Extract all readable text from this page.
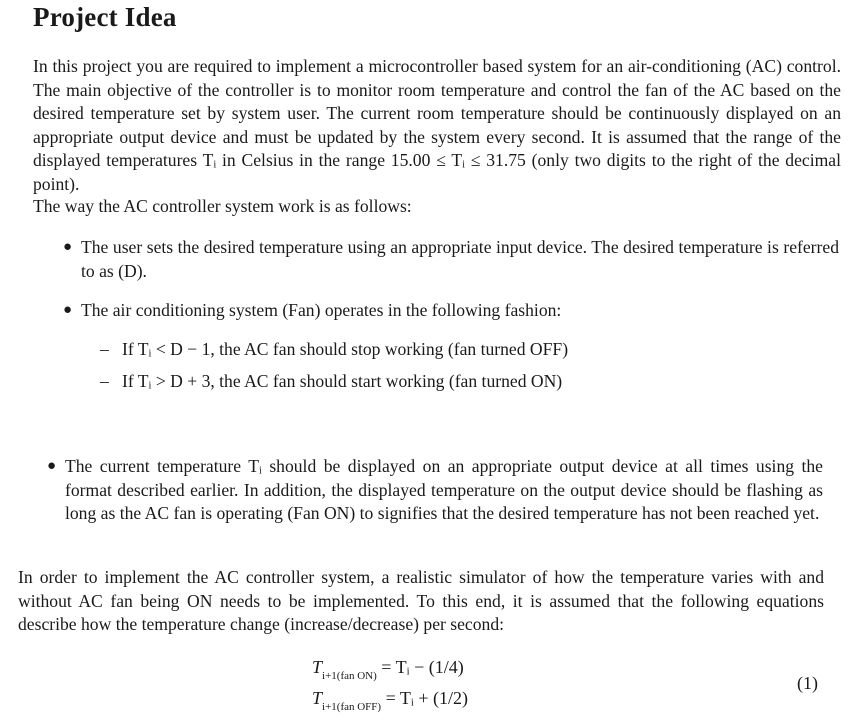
Project Idea
In this project you are required to implement a microcontroller based system for an air-conditioning (AC) control. The main objective of the controller is to monitor room temperature and control the fan of the AC based on the desired temperature set by system user. The current room temperature should be continuously displayed on an appropriate output device and must be updated by the system every second. It is assumed that the range of the displayed temperatures Tᵢ in Celsius in the range 15.00 ≤ Tᵢ ≤ 31.75 (only two digits to the right of the decimal point).
The way the AC controller system work is as follows:
● The user sets the desired temperature using an appropriate input device. The desired temperature is referred to as (D).
● The air conditioning system (Fan) operates in the following fashion:
– If Tᵢ < D − 1, the AC fan should stop working (fan turned OFF)
– If Tᵢ > D + 3, the AC fan should start working (fan turned ON)
● The current temperature Tᵢ should be displayed on an appropriate output device at all times using the format described earlier. In addition, the displayed temperature on the output device should be flashing as long as the AC fan is operating (Fan ON) to signifies that the desired temperature has not been reached yet.
In order to implement the AC controller system, a realistic simulator of how the temperature varies with and without AC fan being ON needs to be implemented. To this end, it is assumed that the following equations describe how the temperature change (increase/decrease) per second:
$T_{i+1(fan ON)}$ = Tᵢ − (1/4)
$T_{i+1(fan OFF)}$ = Tᵢ + (1/2)
(1)
